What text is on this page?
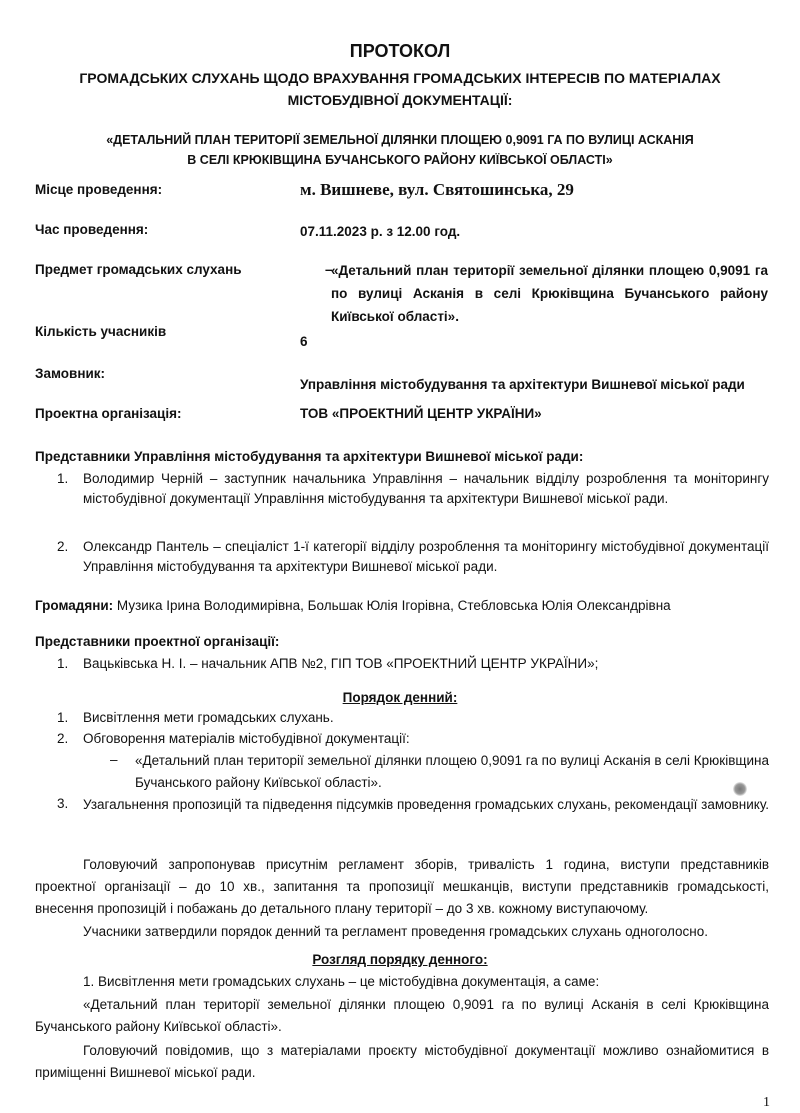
ПРОТОКОЛ
ГРОМАДСЬКИХ СЛУХАНЬ ЩОДО ВРАХУВАННЯ ГРОМАДСЬКИХ ІНТЕРЕСІВ ПО МАТЕРІАЛАХ
МІСТОБУДІВНОЇ ДОКУМЕНТАЦІЇ:
«ДЕТАЛЬНИЙ ПЛАН ТЕРИТОРІЇ ЗЕМЕЛЬНОЇ ДІЛЯНКИ ПЛОЩЕЮ 0,9091 ГА ПО ВУЛИЦІ АСКАНІЯ
В СЕЛІ КРЮКІВЩИНА БУЧАНСЬКОГО РАЙОНУ КИЇВСЬКОЇ ОБЛАСТІ»
Місце проведення:	м. Вишневе, вул. Святошинська, 29
Час проведення:	07.11.2023 р. з 12.00 год.
Предмет громадських слухань	–
«Детальний план території земельної ділянки площею 0,9091 га по вулиці Асканія в селі Крюківщина Бучанського району Київської області».
Кількість учасників
6
Замовник:
Управління містобудування та архітектури Вишневої міської ради
Проектна організація:	ТОВ «ПРОЕКТНИЙ ЦЕНТР УКРАЇНИ»
Представники Управління містобудування та архітектури Вишневої міської ради:
1. Володимир Черній – заступник начальника Управління – начальник відділу розроблення та моніторингу містобудівної документації Управління містобудування та архітектури Вишневої міської ради.
2. Олександр Пантель – спеціаліст 1-ї категорії відділу розроблення та моніторингу містобудівної документації Управління містобудування та архітектури Вишневої міської ради.
Громадяни: Музика Ірина Володимирівна, Большак Юлія Ігорівна, Стебловська Юлія Олександрівна
Представники проектної організації:
1. Вацьківська Н. І. – начальник АПВ №2, ГІП ТОВ «ПРОЕКТНИЙ ЦЕНТР УКРАЇНИ»;
Порядок денний:
1. Висвітлення мети громадських слухань.
2. Обговорення матеріалів містобудівної документації:
– «Детальний план території земельної ділянки площею 0,9091 га по вулиці Асканія в селі Крюківщина Бучанського району Київської області».
3. Узагальнення пропозицій та підведення підсумків проведення громадських слухань, рекомендації замовнику.
Головуючий запропонував присутнім регламент зборів, тривалість 1 година, виступи представників проектної організації – до 10 хв., запитання та пропозиції мешканців, виступи представників громадськості, внесення пропозицій і побажань до детального плану території – до 3 хв. кожному виступаючому.
Учасники затвердили порядок денний та регламент проведення громадських слухань одноголосно.
Розгляд порядку денного:
1. Висвітлення мети громадських слухань – це містобудівна документація, а саме:
«Детальний план території земельної ділянки площею 0,9091 га по вулиці Асканія в селі Крюківщина Бучанського району Київської області».
Головуючий повідомив, що з матеріалами проєкту містобудівної документації можливо ознайомитися в приміщенні Вишневої міської ради.
1
